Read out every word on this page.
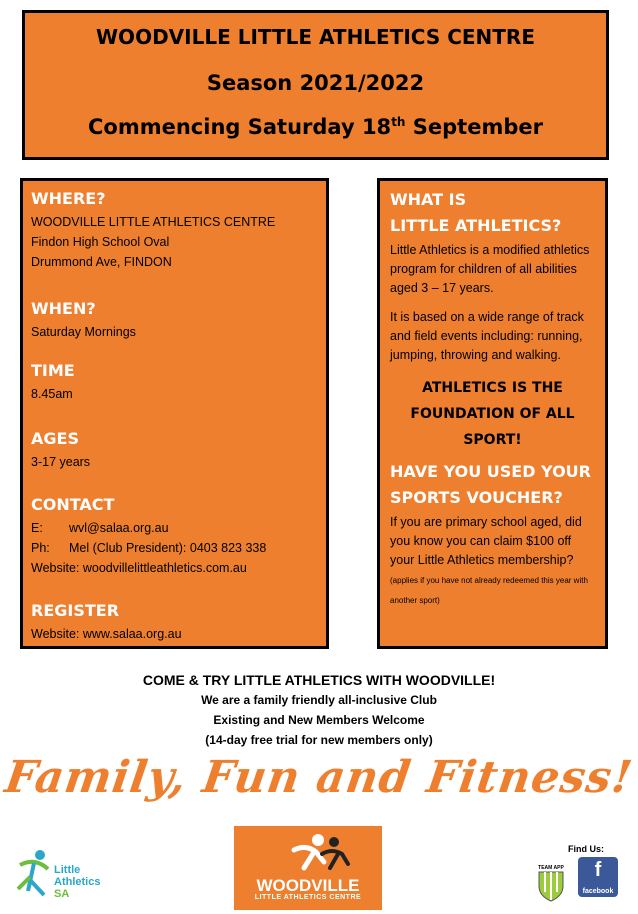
WOODVILLE LITTLE ATHLETICS CENTRE
Season 2021/2022
Commencing Saturday 18th September

WHERE?

WOODVILLE LITTLE ATHLETICS CENTRE

Findon High School Oval

Drummond Ave, FINDON

WHEN?

Saturday Mornings

TIME

8.45am

AGES

3-17 years

CONTACT

E:	wvl@salaa.org.au
Ph:	Mel (Club President): 0403 823 338

Website: woodvillelittleathletics.com.au

REGISTER

Website: www.salaa.org.au

WHAT IS

LITTLE ATHLETICS?

Little Athletics is a modified athletics program for children of all abilities aged 3 – 17 years.

It is based on a wide range of track and field events including: running, jumping, throwing and walking.

ATHLETICS IS THE FOUNDATION OF ALL SPORT!

HAVE YOU USED YOUR SPORTS VOUCHER?

If you are primary school aged, did you know you can claim $100 off your Little Athletics membership? (applies if you have not already redeemed this year with another sport)

COME & TRY LITTLE ATHLETICS WITH WOODVILLE!
We are a family friendly all-inclusive Club
Existing and New Members Welcome
(14-day free trial for new members only)
Family, Fun and Fitness!
Little
Athletics
SA	WOODVILLE
LITTLE ATHLETICS CENTRE
Find Us:
TEAM APP	f
facebook
